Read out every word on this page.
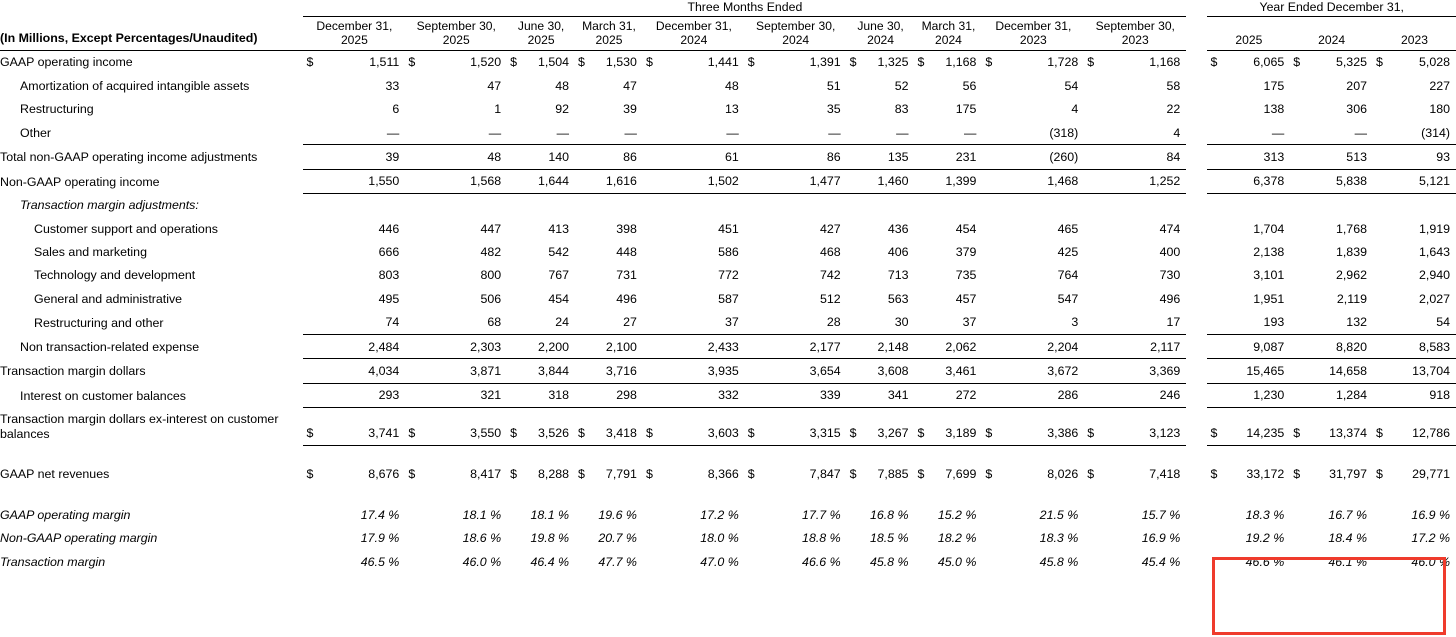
	Three Months Ended																					Year Ended December 31,					
(In Millions, Except Percentages/Unaudited)	December 31,
2025		September 30,
2025		June 30,
2025		March 31,
2025		December 31,
2024		September 30,
2024		June 30,
2024		March 31,
2024		December 31,
2023		September 30,
2023			2025		2024		2023	
GAAP operating income	$	1,511	$	1,520	$	1,504	$	1,530	$	1,441	$	1,391	$	1,325	$	1,168	$	1,728	$	1,168		$	6,065	$	5,325	$	5,028
Amortization of acquired intangible assets		33		47		48		47		48		51		52		56		54		58			175		207		227
Restructuring		6		1		92		39		13		35		83		175		4		22			138		306		180
Other		—		—		—		—		—		—		—		—		(318)		4			—		—		(314)
Total non-GAAP operating income adjustments		39		48		140		86		61		86		135		231		(260)		84			313		513		93
Non-GAAP operating income		1,550		1,568		1,644		1,616		1,502		1,477		1,460		1,399		1,468		1,252			6,378		5,838		5,121
Transaction margin adjustments:																											
Customer support and operations		446		447		413		398		451		427		436		454		465		474			1,704		1,768		1,919
Sales and marketing		666		482		542		448		586		468		406		379		425		400			2,138		1,839		1,643
Technology and development		803		800		767		731		772		742		713		735		764		730			3,101		2,962		2,940
General and administrative		495		506		454		496		587		512		563		457		547		496			1,951		2,119		2,027
Restructuring and other		74		68		24		27		37		28		30		37		3		17			193		132		54
Non transaction-related expense		2,484		2,303		2,200		2,100		2,433		2,177		2,148		2,062		2,204		2,117			9,087		8,820		8,583
Transaction margin dollars		4,034		3,871		3,844		3,716		3,935		3,654		3,608		3,461		3,672		3,369			15,465		14,658		13,704
Interest on customer balances		293		321		318		298		332		339		341		272		286		246			1,230		1,284		918
Transaction margin dollars ex-interest on customer balances	$	3,741	$	3,550	$	3,526	$	3,418	$	3,603	$	3,315	$	3,267	$	3,189	$	3,386	$	3,123		$	14,235	$	13,374	$	12,786

GAAP net revenues	$	8,676	$	8,417	$	8,288	$	7,791	$	8,366	$	7,847	$	7,885	$	7,699	$	8,026	$	7,418		$	33,172	$	31,797	$	29,771

GAAP operating margin		17.4 %		18.1 %		18.1 %		19.6 %		17.2 %		17.7 %		16.8 %		15.2 %		21.5 %		15.7 %			18.3 %		16.7 %		16.9 %
Non-GAAP operating margin		17.9 %		18.6 %		19.8 %		20.7 %		18.0 %		18.8 %		18.5 %		18.2 %		18.3 %		16.9 %			19.2 %		18.4 %		17.2 %
Transaction margin		46.5 %		46.0 %		46.4 %		47.7 %		47.0 %		46.6 %		45.8 %		45.0 %		45.8 %		45.4 %			46.6 %		46.1 %		46.0 %
